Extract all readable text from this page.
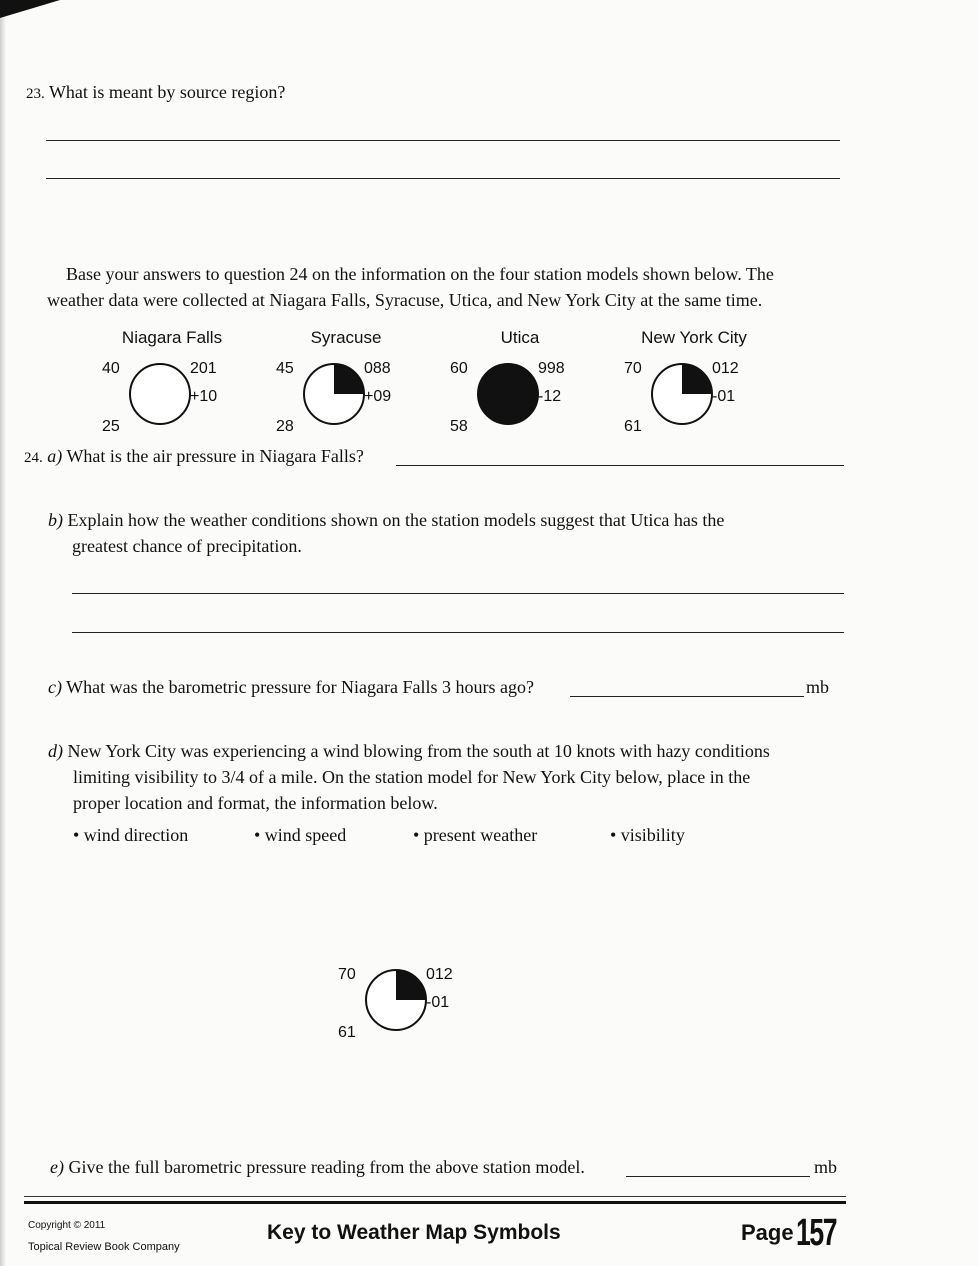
23. What is meant by source region?
Base your answers to question 24 on the information on the four station models shown below. The
weather data were collected at Niagara Falls, Syracuse, Utica, and New York City at the same time.
40
25
201
+10
Niagara Falls
45
28
088
+09
Syracuse
60
58
998
-12
Utica
70
61
012
-01
New York City
24. a) What is the air pressure in Niagara Falls?
b) Explain how the weather conditions shown on the station models suggest that Utica has the
greatest chance of precipitation.
c) What was the barometric pressure for Niagara Falls 3 hours ago?	mb
d) New York City was experiencing a wind blowing from the south at 10 knots with hazy conditions
limiting visibility to 3/4 of a mile. On the station model for New York City below, place in the
proper location and format, the information below.
• wind direction	• wind speed	• present weather	• visibility
70
61
012
-01
e) Give the full barometric pressure reading from the above station model.	mb
Copyright © 2011
Topical Review Book Company
Key to Weather Map Symbols	Page 157
